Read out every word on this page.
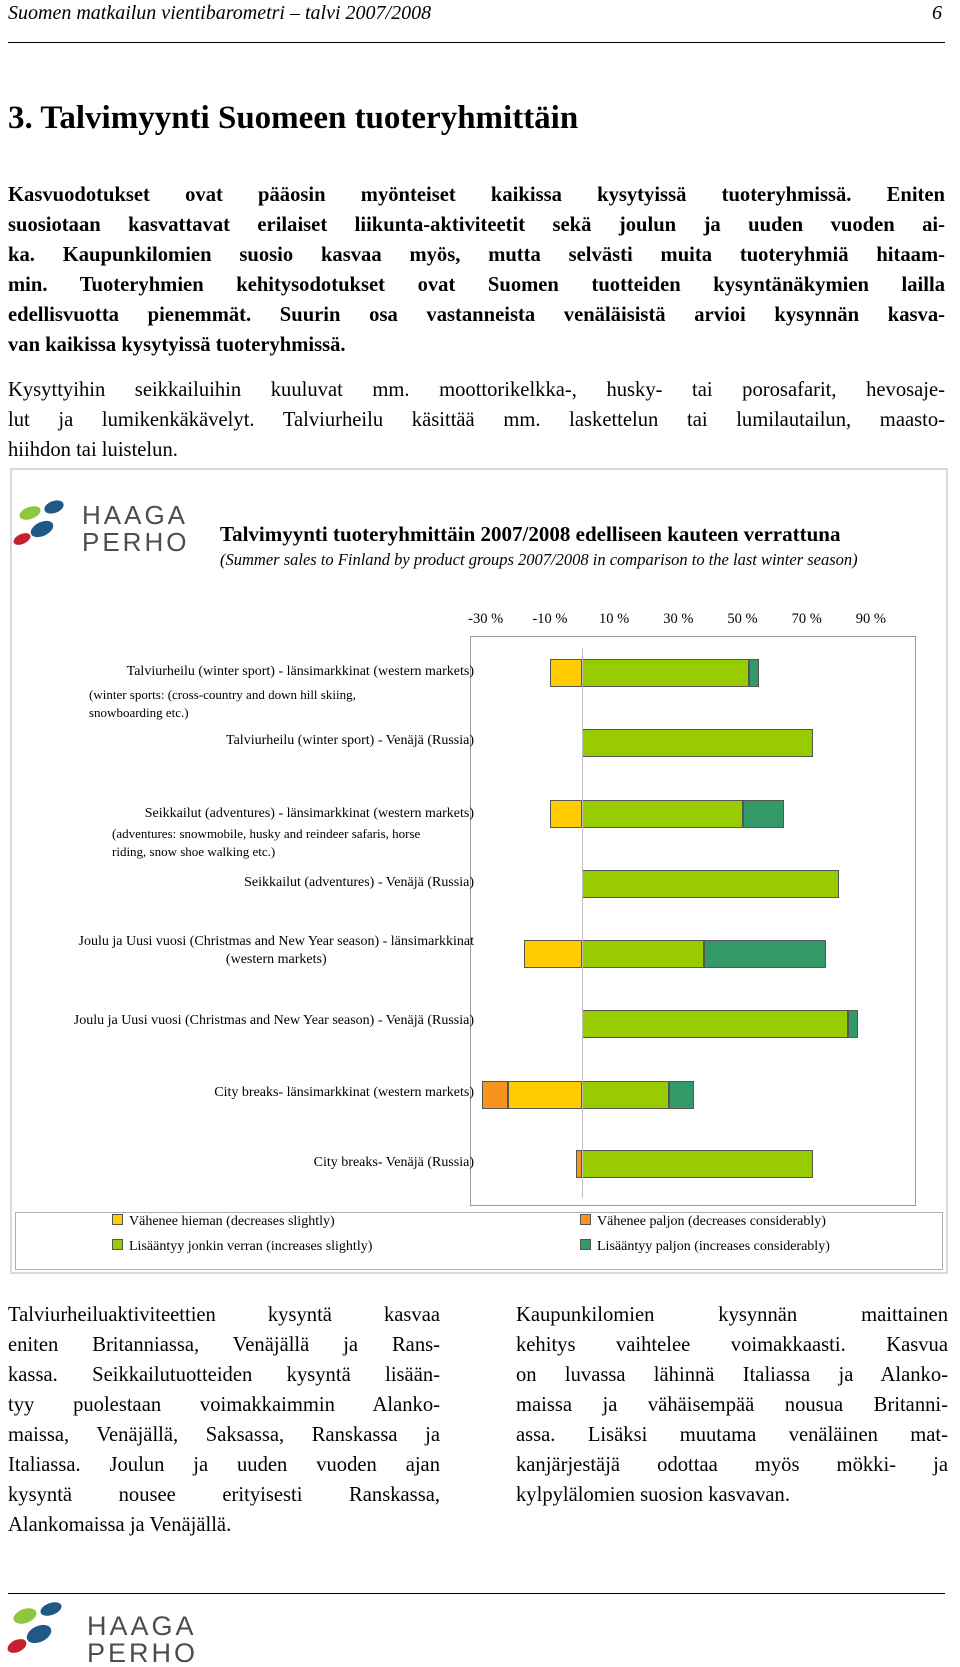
Suomen matkailun vientibarometri – talvi 2007/2008	6
3. Talvimyynti Suomeen tuoteryhmittäin
Kasvuodotukset ovat pääosin myönteiset kaikissa kysytyissä tuoteryhmissä. Eniten
suosiotaan kasvattavat erilaiset liikunta-aktiviteetit sekä joulun ja uuden vuoden ai-
ka. Kaupunkilomien suosio kasvaa myös, mutta selvästi muita tuoteryhmiä hitaam-
min. Tuoteryhmien kehitysodotukset ovat Suomen tuotteiden kysyntänäkymien lailla
edellisvuotta pienemmät. Suurin osa vastanneista venäläisistä arvioi kysynnän kasva-
van kaikissa kysytyissä tuoteryhmissä.
Kysyttyihin seikkailuihin kuuluvat mm. moottorikelkka-, husky- tai porosafarit, hevosaje-
lut ja lumikenkäkävelyt. Talviurheilu käsittää mm. laskettelun tai lumilautailun, maasto-
hiihdon tai luistelun.
HAAGA
PERHO Talvimyynti tuoteryhmittäin 2007/2008 edelliseen kauteen verrattuna
(Summer sales to Finland by product groups 2007/2008 in comparison to the last winter season)
-30 % -10 % 10 % 30 % 50 % 70 % 90 %
Talviurheilu (winter sport) - länsimarkkinat (western markets)
Talviurheilu (winter sport) - Venäjä (Russia)
Seikkailut (adventures) - länsimarkkinat (western markets)
Seikkailut (adventures) - Venäjä (Russia)
Joulu ja Uusi vuosi (Christmas and New Year season) - länsimarkkinat
(western markets)
Joulu ja Uusi vuosi (Christmas and New Year season) - Venäjä (Russia)
City breaks- länsimarkkinat (western markets)
City breaks- Venäjä (Russia)
(winter sports: (cross-country and down hill skiing,
snowboarding etc.)
(adventures: snowmobile, husky and reindeer safaris, horse
riding, snow shoe walking etc.)
Vähenee hieman (decreases slightly)	Vähenee paljon (decreases considerably)
Lisääntyy jonkin verran (increases slightly)	Lisääntyy paljon (increases considerably)
Talviurheiluaktiviteettien kysyntä kasvaa
eniten Britanniassa, Venäjällä ja Rans-
kassa. Seikkailutuotteiden kysyntä lisään-
tyy puolestaan voimakkaimmin Alanko-
maissa, Venäjällä, Saksassa, Ranskassa ja
Italiassa. Joulun ja uuden vuoden ajan
kysyntä nousee erityisesti Ranskassa,
Alankomaissa ja Venäjällä.
Kaupunkilomien kysynnän maittainen
kehitys vaihtelee voimakkaasti. Kasvua
on luvassa lähinnä Italiassa ja Alanko-
maissa ja vähäisempää nousua Britanni-
assa. Lisäksi muutama venäläinen mat-
kanjärjestäjä odottaa myös mökki- ja
kylpylälomien suosion kasvavan.
HAAGA
PERHO
